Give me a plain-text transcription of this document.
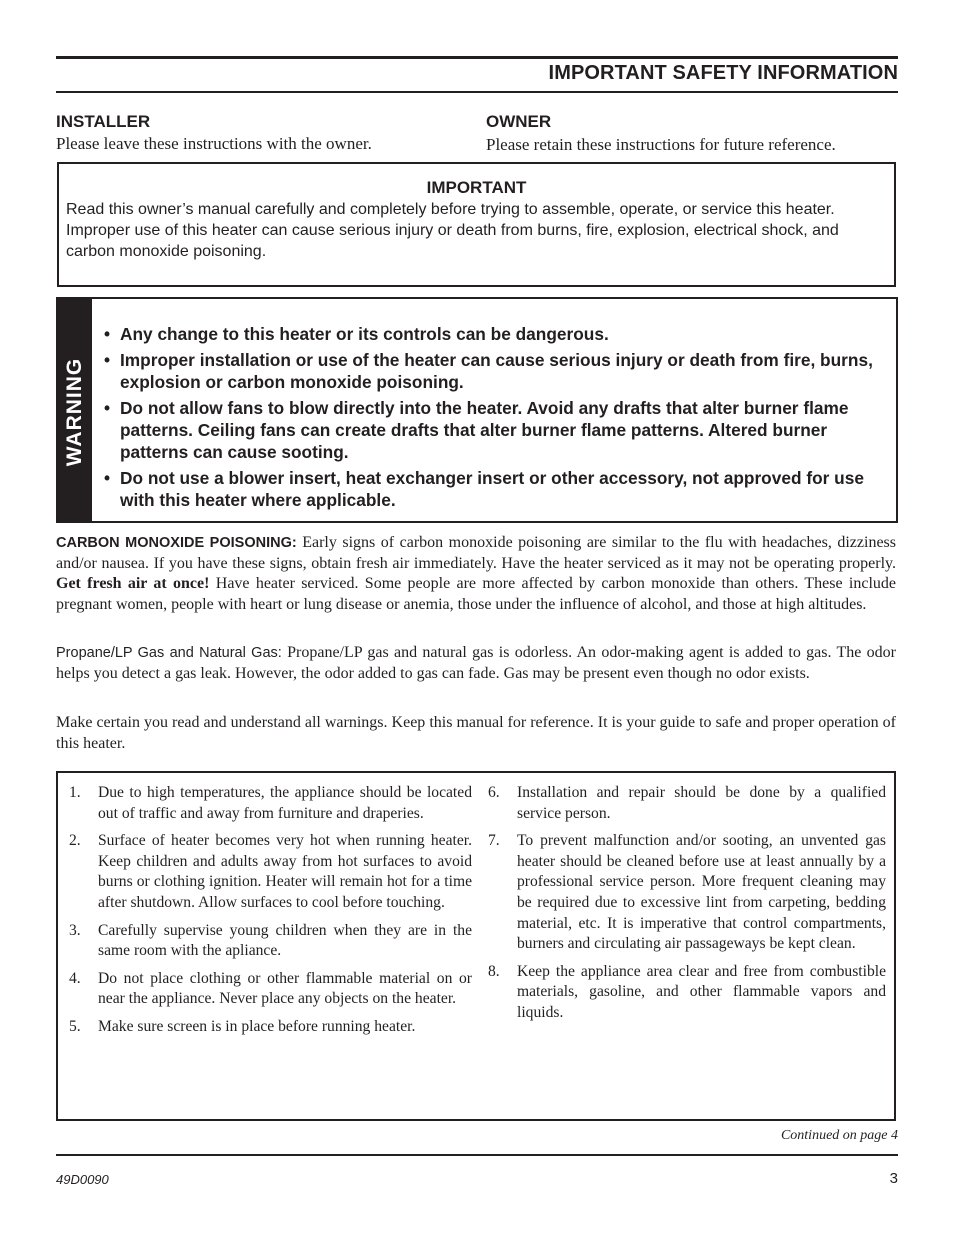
IMPORTANT SAFETY INFORMATION
INSTALLER
Please leave these instructions with the owner.
OWNER
Please retain these instructions for future reference.
IMPORTANT
Read this owner’s manual carefully and completely before trying to assemble, operate, or service this heater. Improper use of this heater can cause serious injury or death from burns, fire, explosion, electrical shock, and carbon monoxide poisoning.
WARNING
• Any change to this heater or its controls can be dangerous.
• Improper installation or use of the heater can cause serious injury or death from fire, burns, explosion or carbon monoxide poisoning.
• Do not allow fans to blow directly into the heater. Avoid any drafts that alter burner flame patterns. Ceiling fans can create drafts that alter burner flame patterns. Altered burner patterns can cause sooting.
• Do not use a blower insert, heat exchanger insert or other accessory, not approved for use with this heater where applicable.
CARBON MONOXIDE POISONING: Early signs of carbon monoxide poisoning are similar to the flu with headaches, dizziness and/or nausea. If you have these signs, obtain fresh air immediately. Have the heater serviced as it may not be operating properly. Get fresh air at once! Have heater serviced. Some people are more affected by carbon monoxide than others. These include pregnant women, people with heart or lung disease or anemia, those under the influence of alcohol, and those at high altitudes.
Propane/LP Gas and Natural Gas: Propane/LP gas and natural gas is odorless. An odor-making agent is added to gas. The odor helps you detect a gas leak. However, the odor added to gas can fade. Gas may be present even though no odor exists.
Make certain you read and understand all warnings. Keep this manual for reference. It is your guide to safe and proper operation of this heater.
1. Due to high temperatures, the appliance should be located out of traffic and away from furniture and draperies.
2. Surface of heater becomes very hot when running heater. Keep children and adults away from hot surfaces to avoid burns or clothing ignition. Heater will remain hot for a time after shutdown. Allow surfaces to cool before touching.
3. Carefully supervise young children when they are in the same room with the apliance.
4. Do not place clothing or other flammable material on or near the appliance. Never place any objects on the heater.
5. Make sure screen is in place before running heater.
6. Installation and repair should be done by a qualified service person.
7. To prevent malfunction and/or sooting, an unvented gas heater should be cleaned before use at least annually by a professional service person. More frequent cleaning may be required due to excessive lint from carpeting, bedding material, etc. It is imperative that control compartments, burners and circulating air passageways be kept clean.
8. Keep the appliance area clear and free from combustible materials, gasoline, and other flammable vapors and liquids.
Continued on page 4
49D0090	3
